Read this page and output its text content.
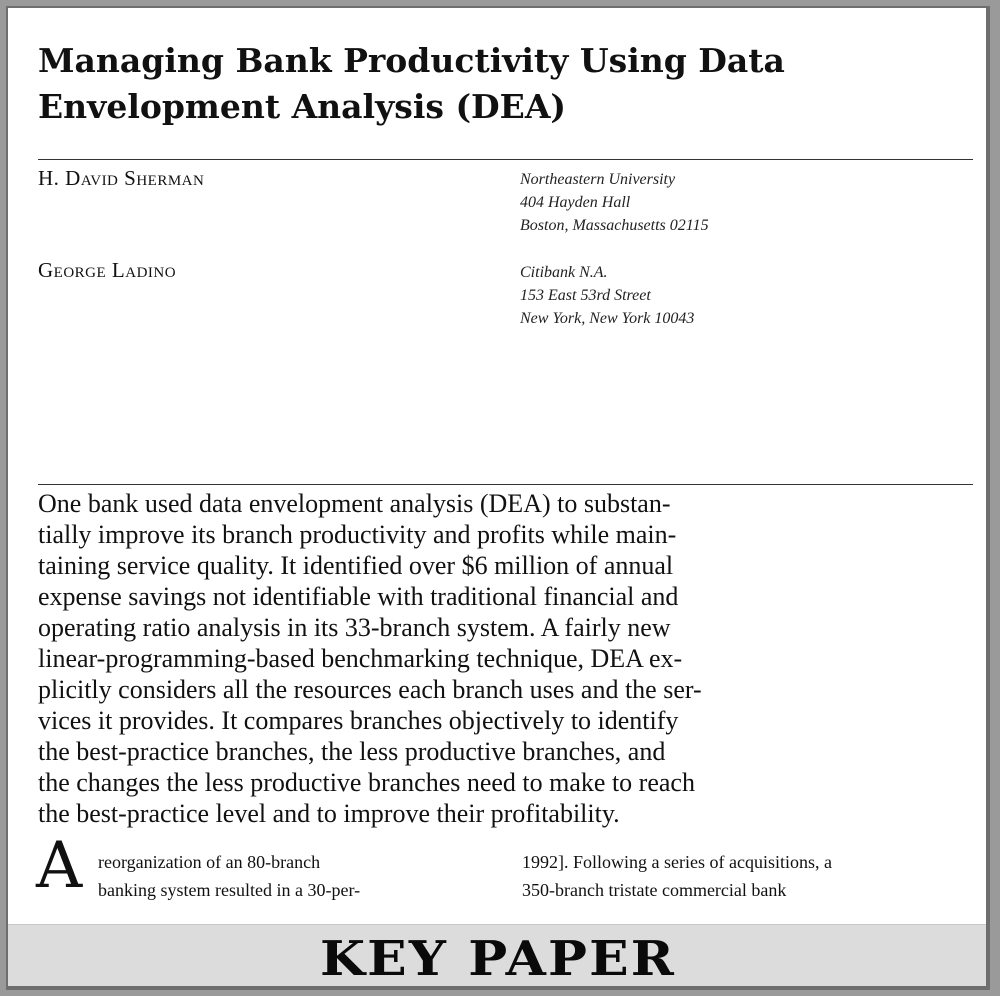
Managing Bank Productivity Using Data
Envelopment Analysis (DEA)
H. David Sherman	Northeastern University
404 Hayden Hall
Boston, Massachusetts 02115
George Ladino	Citibank N.A.
153 East 53rd Street
New York, New York 10043
One bank used data envelopment analysis (DEA) to substan-
tially improve its branch productivity and profits while main-
taining service quality. It identified over $6 million of annual
expense savings not identifiable with traditional financial and
operating ratio analysis in its 33-branch system. A fairly new
linear-programming-based benchmarking technique, DEA ex-
plicitly considers all the resources each branch uses and the ser-
vices it provides. It compares branches objectively to identify
the best-practice branches, the less productive branches, and
the changes the less productive branches need to make to reach
the best-practice level and to improve their profitability.
A reorganization of an 80-branch
banking system resulted in a 30-per-
1992]. Following a series of acquisitions, a
350-branch tristate commercial bank
KEY PAPER
